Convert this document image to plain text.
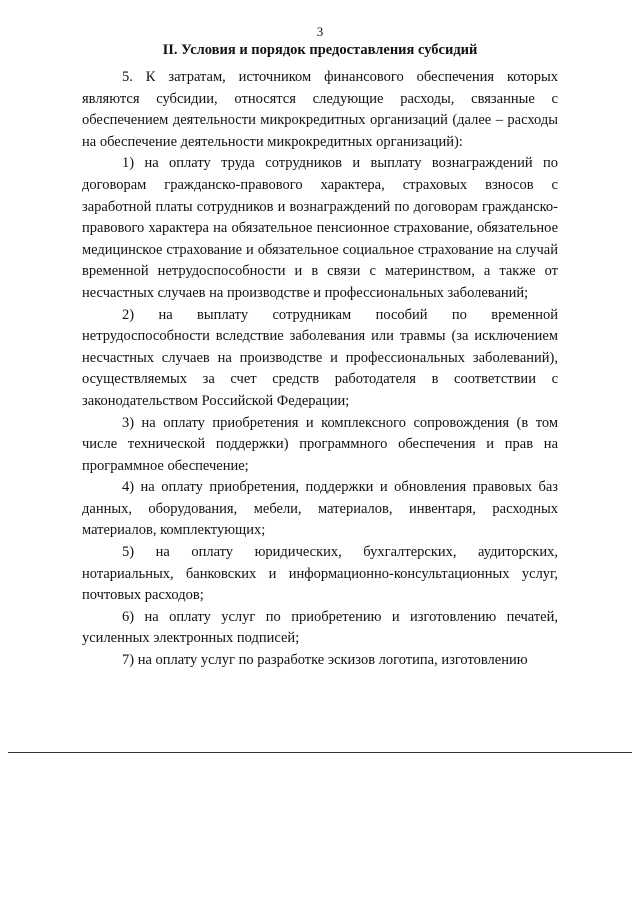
3
II. Условия и порядок предоставления субсидий

5. К затратам, источником финансового обеспечения которых являются субсидии, относятся следующие расходы, связанные с обеспечением деятельности микрокредитных организаций (далее – расходы на обеспечение деятельности микрокредитных организаций):

1) на оплату труда сотрудников и выплату вознаграждений по договорам гражданско-правового характера, страховых взносов с заработной платы сотрудников и вознаграждений по договорам гражданско-правового характера на обязательное пенсионное страхование, обязательное медицинское страхование и обязательное социальное страхование на случай временной нетрудоспособности и в связи с материнством, а также от несчастных случаев на производстве и профессиональных заболеваний;

2) на выплату сотрудникам пособий по временной нетрудоспособности вследствие заболевания или травмы (за исключением несчастных случаев на производстве и профессиональных заболеваний), осуществляемых за счет средств работодателя в соответствии с законодательством Российской Федерации;

3) на оплату приобретения и комплексного сопровождения (в том числе технической поддержки) программного обеспечения и прав на программное обеспечение;

4) на оплату приобретения, поддержки и обновления правовых баз данных, оборудования, мебели, материалов, инвентаря, расходных материалов, комплектующих;

5) на оплату юридических, бухгалтерских, аудиторских, нотариальных, банковских и информационно-консультационных услуг, почтовых расходов;

6) на оплату услуг по приобретению и изготовлению печатей, усиленных электронных подписей;

7) на оплату услуг по разработке эскизов логотипа, изготовлению
